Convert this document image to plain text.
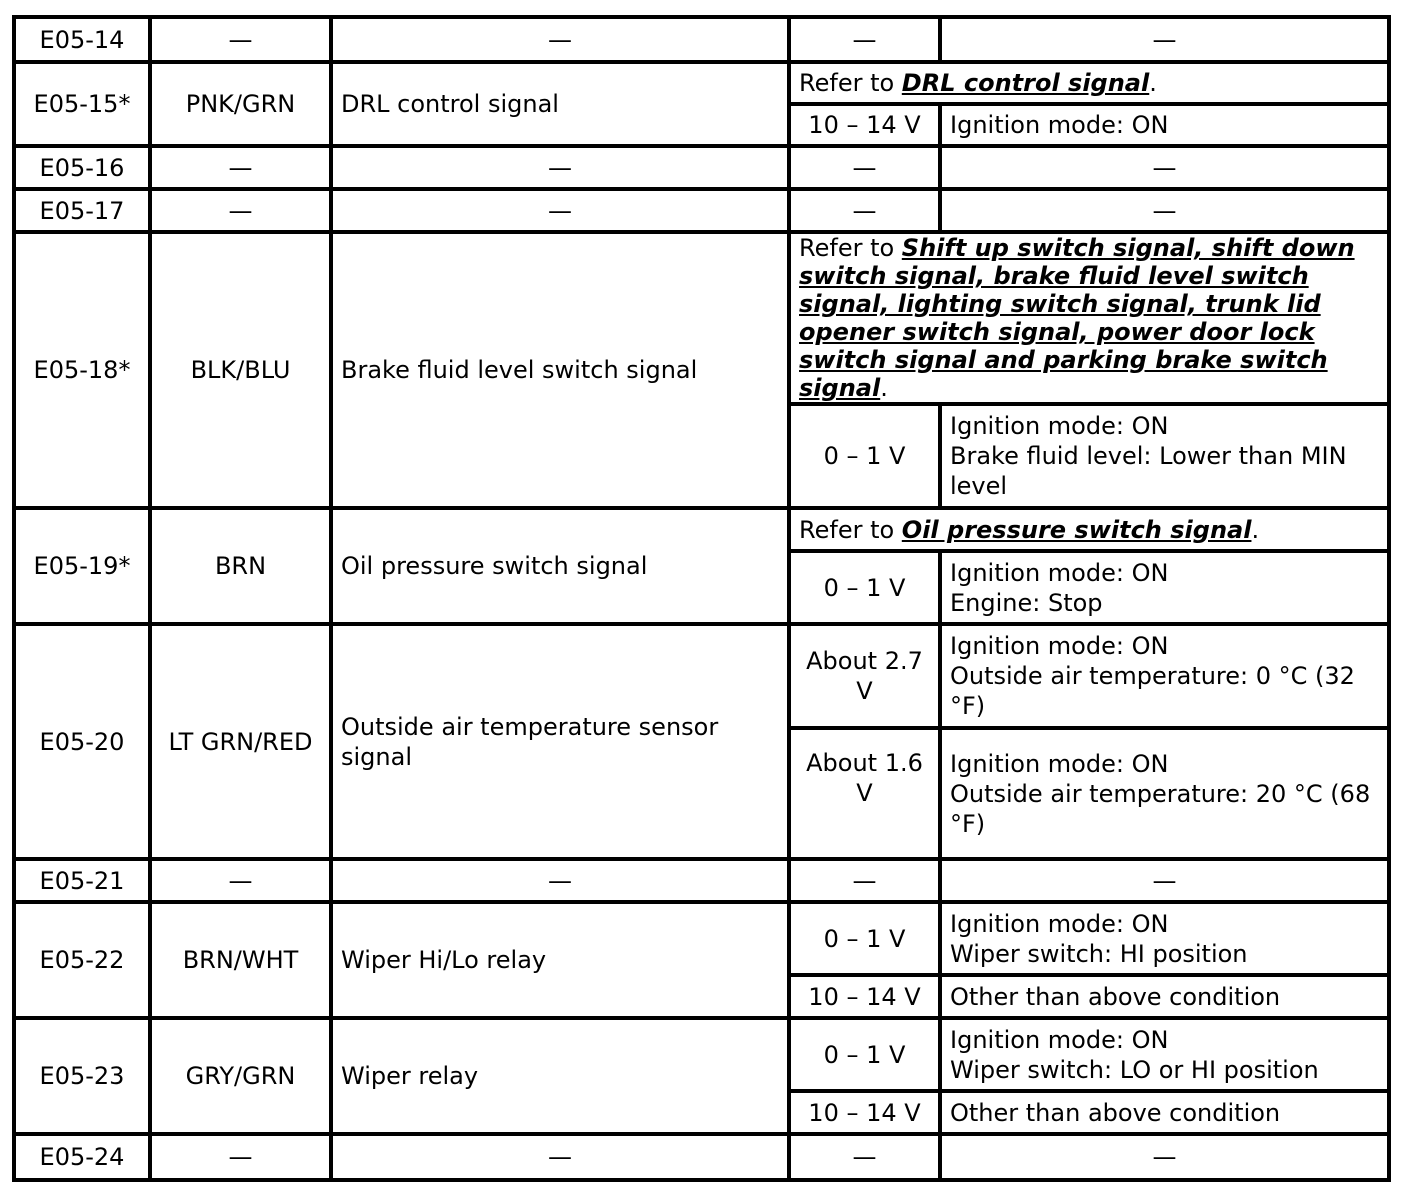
E05-14	—	—	—	—
E05-15*	PNK/GRN	DRL control signal	Refer to DRL control signal.	
			10 – 14 V	Ignition mode: ON
E05-16	—	—	—	—
E05-17	—	—	—	—
E05-18*	BLK/BLU	Brake fluid level switch signal	Refer to Shift up switch signal, shift down switch signal, brake fluid level switch signal, lighting switch signal, trunk lid opener switch signal, power door lock switch signal and parking brake switch signal.	
			0 – 1 V	Ignition mode: ON
Brake fluid level: Lower than MIN level

E05-19*	BRN	Oil pressure switch signal	Refer to Oil pressure switch signal.	
			0 – 1 V	Ignition mode: ON
Engine: Stop

E05-20	LT GRN/RED	Outside air temperature sensor signal	About 2.7 V	Ignition mode: ON
Outside air temperature: 0 °C (32 °F)

			About 1.6 V	Ignition mode: ON
Outside air temperature: 20 °C (68 °F)

E05-21	—	—	—	—
E05-22	BRN/WHT	Wiper Hi/Lo relay	0 – 1 V	Ignition mode: ON
Wiper switch: HI position

			10 – 14 V	Other than above condition
E05-23	GRY/GRN	Wiper relay	0 – 1 V	Ignition mode: ON
Wiper switch: LO or HI position

			10 – 14 V	Other than above condition
E05-24	—	—	—	—
